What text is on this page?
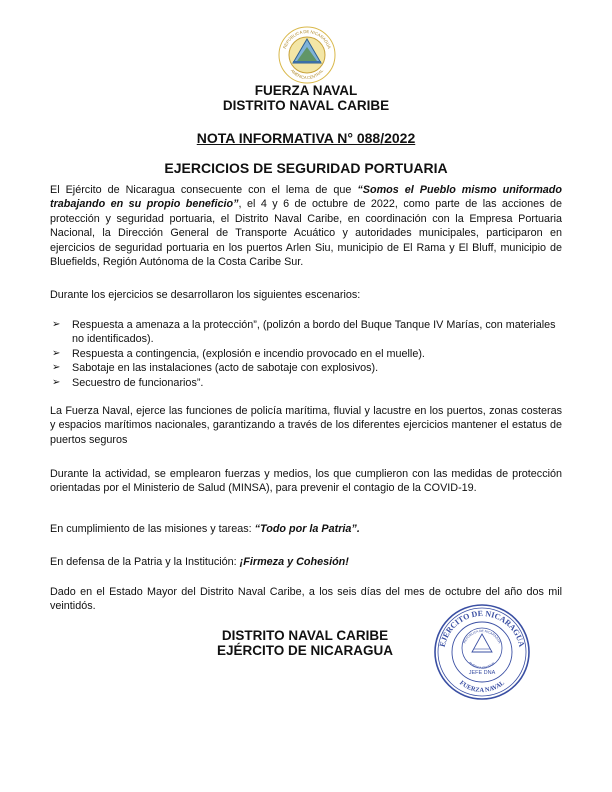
REPÚBLICA DE NICARAGUA
AMÉRICA CENTRAL
FUERZA NAVAL
DISTRITO NAVAL CARIBE
NOTA INFORMATIVA N° 088/2022
EJERCICIOS DE SEGURIDAD PORTUARIA

El Ejército de Nicaragua consecuente con el lema de que “Somos el Pueblo mismo uniformado trabajando en su propio beneficio”, el 4 y 6 de octubre de 2022, como parte de las acciones de protección y seguridad portuaria, el Distrito Naval Caribe, en coordinación con la Empresa Portuaria Nacional, la Dirección General de Transporte Acuático y autoridades municipales, participaron en ejercicios de seguridad portuaria en los puertos Arlen Siu, municipio de El Rama y El Bluff, municipio de Bluefields, Región Autónoma de la Costa Caribe Sur.

Durante los ejercicios se desarrollaron los siguientes escenarios:

➢ Respuesta a amenaza a la protección”, (polizón a bordo del Buque Tanque IV Marías, con materiales no identificados).
➢ Respuesta a contingencia, (explosión e incendio provocado en el muelle).
➢ Sabotaje en las instalaciones (acto de sabotaje con explosivos).
➢ Secuestro de funcionarios”.

La Fuerza Naval, ejerce las funciones de policía marítima, fluvial y lacustre en los puertos, zonas costeras y espacios marítimos nacionales, garantizando a través de los diferentes ejercicios mantener el estatus de puertos seguros

Durante la actividad, se emplearon fuerzas y medios, los que cumplieron con las medidas de protección orientadas por el Ministerio de Salud (MINSA), para prevenir el contagio de la COVID-19.

En cumplimiento de las misiones y tareas: “Todo por la Patria”.

En defensa de la Patria y la Institución: ¡Firmeza y Cohesión!

Dado en el Estado Mayor del Distrito Naval Caribe, a los seis días del mes de octubre del año dos mil veintidós.

DISTRITO NAVAL CARIBE
EJÉRCITO DE NICARAGUA	EJÉRCITO DE NICARAGUA
FUERZA NAVAL
REPÚBLICA DE NICARAGUA
AMÉRICA CENTRAL
JEFE DNA
